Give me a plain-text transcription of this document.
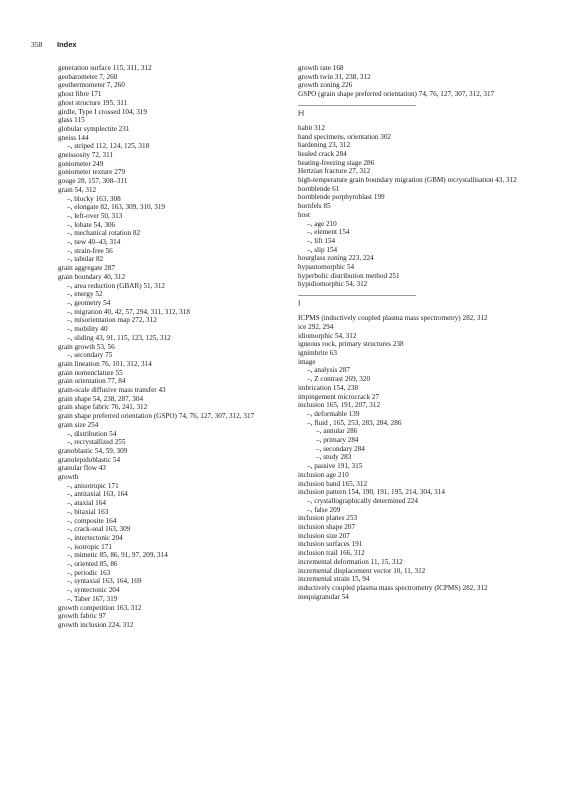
358 Index
generation surface 115, 311, 312
geobarometer 7, 260
geothermometer 7, 260
ghost fibre 171
ghost structure 195, 311
girdle, Type I crossed 104, 319
glass 115
globular symplectite 231
gneiss 144
–, striped 112, 124, 125, 318
gneissosity 72, 311
goniometer 249
goniometer texture 279
gouge 28, 157, 308–311
grain 54, 312
–, blocky 163, 308
–, elongate 82, 163, 309, 310, 319
–, left-over 50, 313
–, lobate 54, 306
–, mechanical rotation 82
–, new 40–43, 314
–, strain-free 56
–, tabular 82
grain aggregate 287
grain boundary 40, 312
–, area reduction (GBAR) 51, 312
–, energy 52
–, geometry 54
–, migration 40, 42, 57, 294, 311, 312, 318
–, misorientation map 272, 312
–, mobility 40
–, sliding 43, 91, 115, 123, 125, 312
grain growth 53, 56
–, secondary 75
grain lineation 76, 101, 312, 314
grain nomenclature 55
grain orientation 77, 84
grain-scale diffusive mass transfer 43
grain shape 54, 238, 287, 304
grain shape fabric 76, 241, 312
grain shape preferred orientation (GSPO) 74, 76, 127, 307, 312, 317
grain size 254
–, distribution 54
–, recrystallized 255
granoblastic 54, 59, 309
granolepidoblastic 54
granular flow 43
growth
–, anisotropic 171
–, antitaxial 163, 164
–, ataxial 164
–, bitaxial 163
–, composite 164
–, crack-seal 163, 309
–, intertectonic 204
–, isotropic 171
–, mimetic 85, 86, 91, 97, 209, 314
–, oriented 85, 86
–, periodic 163
–, syntaxial 163, 164, 169
–, syntectonic 204
–, Taber 167, 319
growth competition 163, 312
growth fabric 97
growth inclusion 224, 312
growth rate 168
growth twin 31, 238, 312
growth zoning 226
GSPO (grain shape preferred orientation) 74, 76, 127, 307, 312, 317
H
habit 312
hand specimens, orientation 302
hardening 23, 312
healed crack 284
heating-freezing stage 286
Hertzian fracture 27, 312
high-temperature grain boundary migration (GBM) recrystallisation 43, 312
hornblende 61
hornblende porphyroblast 199
hornfels 85
host
–, age 210
–, element 154
–, lift 154
–, slip 154
hourglass zoning 223, 224
hypautomorphic 54
hyperbolic distribution method 251
hypidiomorphic 54, 312
I
ICPMS (inductively coupled plasma mass spectrometry) 282, 312
ice 292, 294
idiomorphic 54, 312
igneous rock, primary structures 238
ignimbrite 63
image
–, analysis 287
–, Z contrast 269, 320
imbrication 154, 238
impingement microcrack 27
inclusion 165, 191, 207, 312
–, deformable 139
–, fluid , 165, 253, 283, 284, 286
–, annular 286
–, primary 284
–, secondary 284
–, study 283
–, passive 191, 315
inclusion age 210
inclusion band 165, 312
inclusion pattern 154, 190, 191, 195, 214, 304, 314
–, crystallographically determined 224
–, false 209
inclusion planes 253
inclusion shape 207
inclusion size 207
inclusion surfaces 191
inclusion trail 166, 312
incremental deformation 11, 15, 312
incremental displacement vector 10, 11, 312
incremental strain 15, 94
inductively coupled plasma mass spectrometry (ICPMS) 282, 312
inequigranular 54
